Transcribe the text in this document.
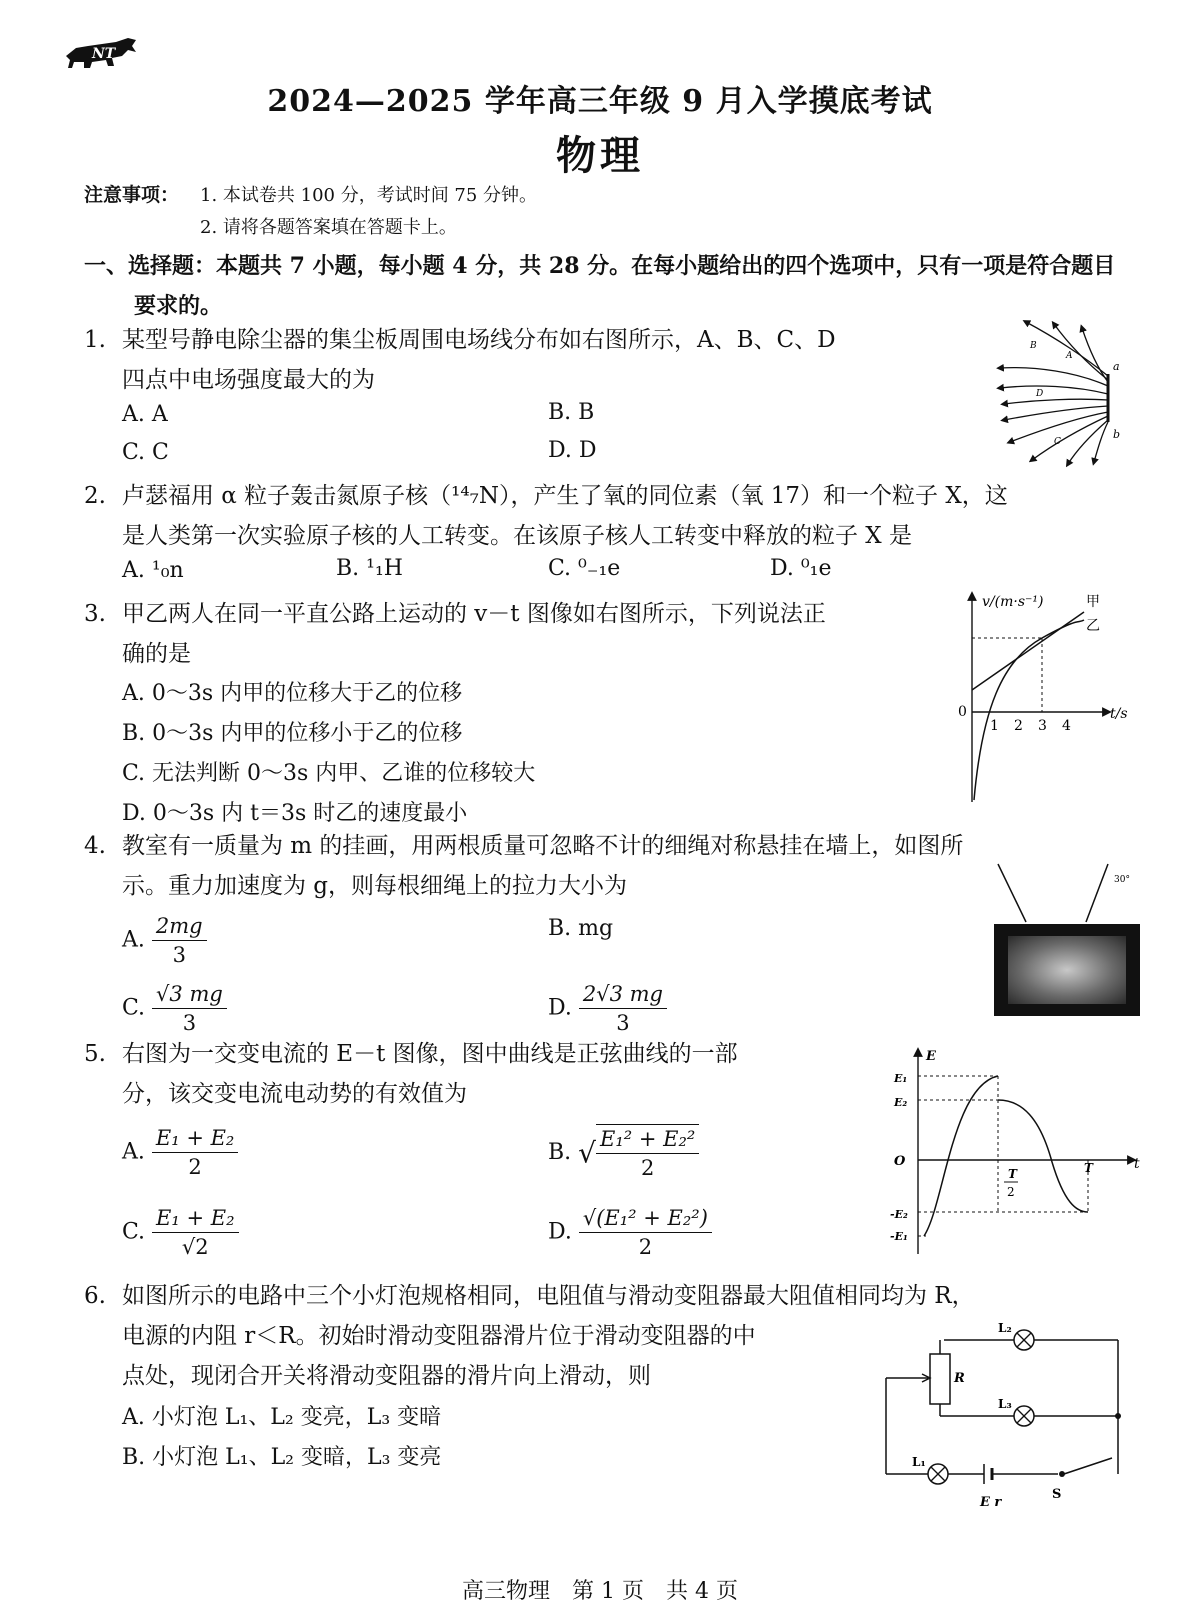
NT
2024—2025 学年高三年级 9 月入学摸底考试
物理
注意事项： 1. 本试卷共 100 分，考试时间 75 分钟。
2. 请将各题答案填在答题卡上。
一、选择题：本题共 7 小题，每小题 4 分，共 28 分。在每小题给出的四个选项中，只有一项是符合题目要求的。
1. 某型号静电除尘器的集尘板周围电场线分布如右图所示，A、B、C、D
四点中电场强度最大的为
A. A	B. B
C. C	D. D
a
b
A
B
C
D
2. 卢瑟福用 α 粒子轰击氮原子核（¹⁴₇N），产生了氧的同位素（氧 17）和一个粒子 X，这
是人类第一次实验原子核的人工转变。在该原子核人工转变中释放的粒子 X 是
A. ¹₀n	B. ¹₁H	C. ⁰₋₁e	D. ⁰₁e
3. 甲乙两人在同一平直公路上运动的 v－t 图像如右图所示，下列说法正
确的是
A. 0～3s 内甲的位移大于乙的位移
B. 0～3s 内甲的位移小于乙的位移
C. 无法判断 0～3s 内甲、乙谁的位移较大
D. 0～3s 内 t＝3s 时乙的速度最小
v/(m·s⁻¹)
t/s
0
1 2 3 4
甲
乙
4. 教室有一质量为 m 的挂画，用两根质量可忽略不计的细绳对称悬挂在墙上，如图所
示。重力加速度为 g，则每根细绳上的拉力大小为
A. $\frac{2mg}{3}$	B. mg
C. $\frac{√3 mg}{3}$	D. $\frac{2√3 mg}{3}$
30°
5. 右图为一交变电流的 E－t 图像，图中曲线是正弦曲线的一部
分，该交变电流电动势的有效值为
A. $\frac{\text{E₁ + E₂}}{2}$	B. √ $\frac{\text{E₁² + E₂²}}{2}$
C. $\frac{\text{E₁ + E₂}}{√2}$	D. $\frac{\text{√(E₁² + E₂²)}}{2}$
E
t
O
E₁
E₂
-E₂
-E₁
T
2
T
6. 如图所示的电路中三个小灯泡规格相同，电阻值与滑动变阻器最大阻值相同均为 R，
电源的内阻 r＜R。初始时滑动变阻器滑片位于滑动变阻器的中
点处，现闭合开关将滑动变阻器的滑片向上滑动，则
A. 小灯泡 L₁、L₂ 变亮，L₃ 变暗
B. 小灯泡 L₁、L₂ 变暗，L₃ 变亮
L₂
L₃
L₁
R
E r
S
高三物理　第 1 页　共 4 页
